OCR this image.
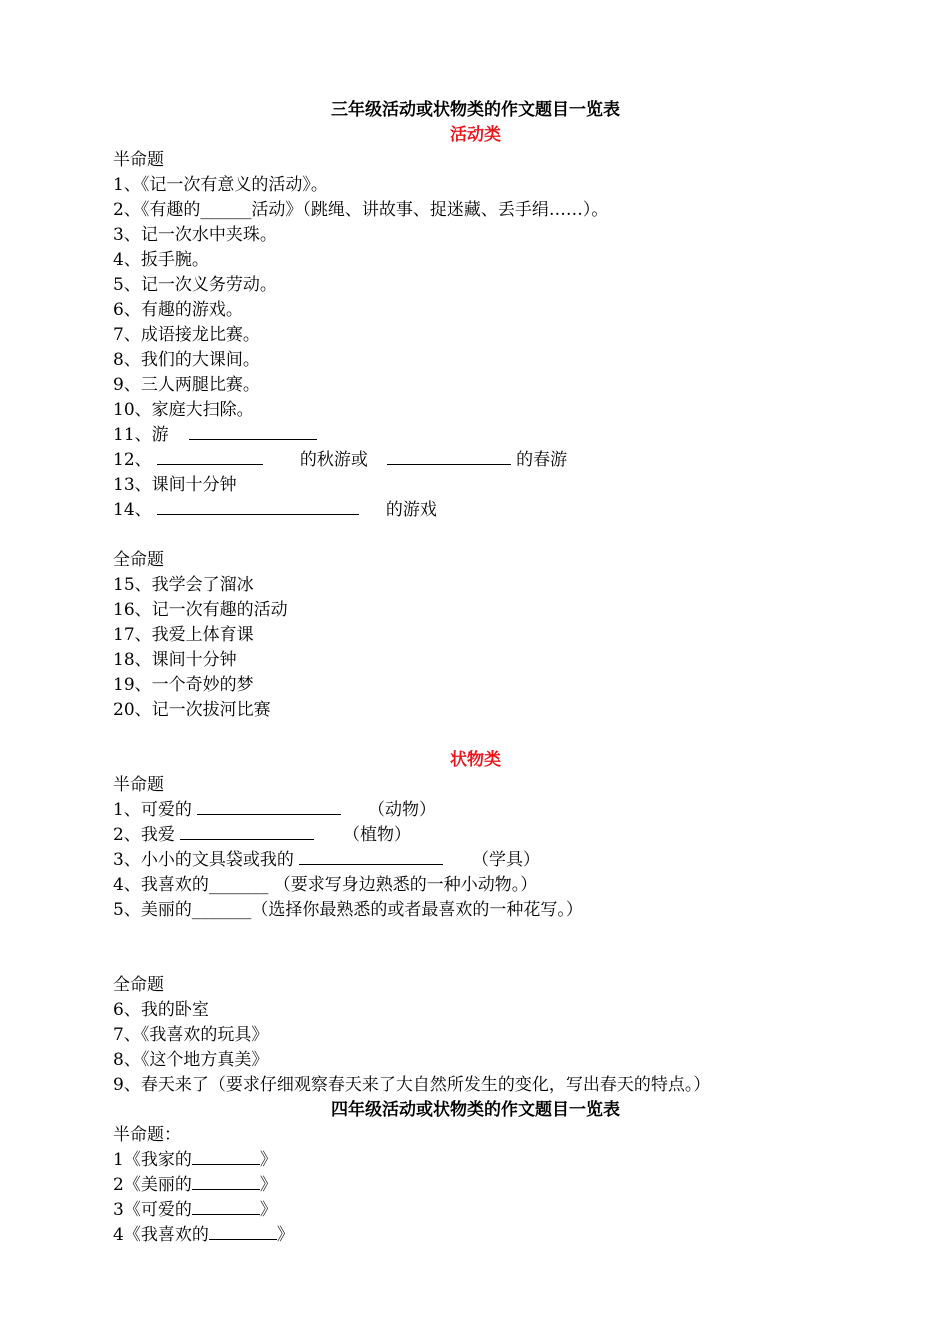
三年级活动或状物类的作文题目一览表
活动类
半命题
1、《记一次有意义的活动》。
2、《有趣的______活动》（跳绳、讲故事、捉迷藏、丢手绢……）。
3、记一次水中夹珠。
4、扳手腕。
5、记一次义务劳动。
6、有趣的游戏。
7、成语接龙比赛。
8、我们的大课间。
9、三人两腿比赛。
10、家庭大扫除。
11、游
12、	的秋游或	的春游
13、课间十分钟
14、	的游戏
全命题
15、我学会了溜冰
16、记一次有趣的活动
17、我爱上体育课
18、课间十分钟
19、一个奇妙的梦
20、记一次拔河比赛
状物类
半命题
1、可爱的	（动物）
2、我爱	（植物）
3、小小的文具袋或我的	（学具）
4、我喜欢的_______ （要求写身边熟悉的一种小动物。）
5、美丽的_______（选择你最熟悉的或者最喜欢的一种花写。）
全命题
6、我的卧室
7、《我喜欢的玩具》
8、《这个地方真美》
9、春天来了（要求仔细观察春天来了大自然所发生的变化，写出春天的特点。）
四年级活动或状物类的作文题目一览表
半命题：
1《我家的	》
2《美丽的	》
3《可爱的	》
4《我喜欢的	》
